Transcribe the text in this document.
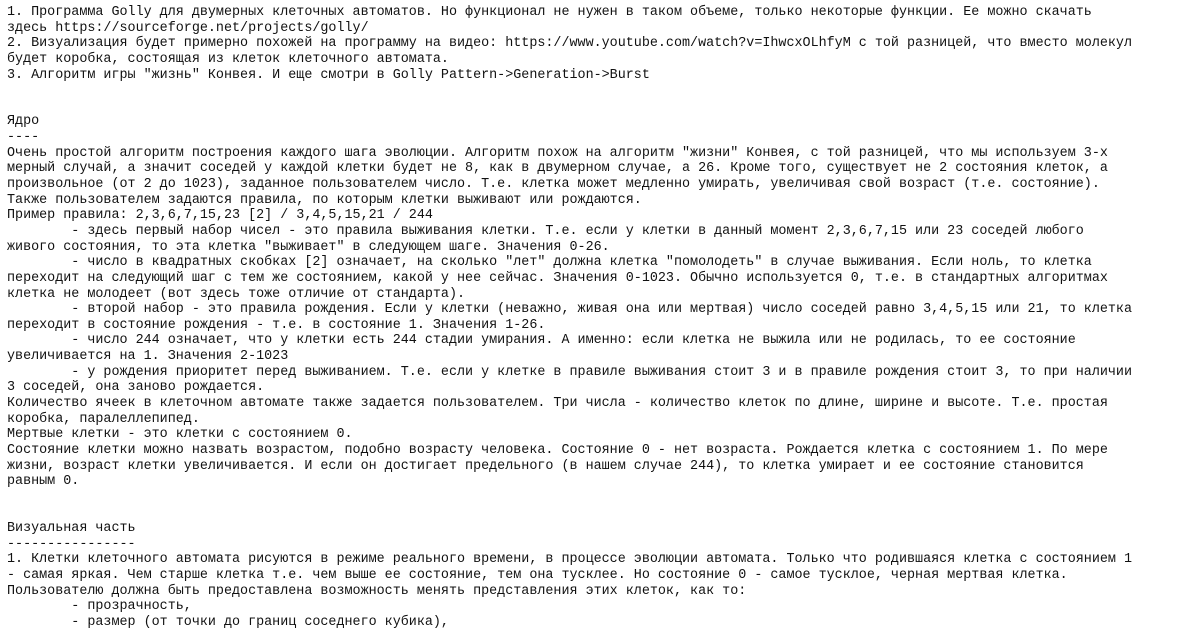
1. Программа Golly для двумерных клеточных автоматов. Но функционал не нужен в таком объеме, только некоторые функции. Ее можно скачать
здесь https://sourceforge.net/projects/golly/
2. Визуализация будет примерно похожей на программу на видео: https://www.youtube.com/watch?v=IhwcxOLhfyM с той разницей, что вместо молекул
будет коробка, состоящая из клеток клеточного автомата.
3. Алгоритм игры "жизнь" Конвея. И еще смотри в Golly Pattern->Generation->Burst
Ядро
----
Очень простой алгоритм построения каждого шага эволюции. Алгоритм похож на алгоритм "жизни" Конвея, с той разницей, что мы используем 3-х
мерный случай, а значит соседей у каждой клетки будет не 8, как в двумерном случае, а 26. Кроме того, существует не 2 состояния клеток, а
произвольное (от 2 до 1023), заданное пользователем число. Т.е. клетка может медленно умирать, увеличивая свой возраст (т.е. состояние).
Также пользователем задаются правила, по которым клетки выживают или рождаются.
Пример правила: 2,3,6,7,15,23 [2] / 3,4,5,15,21 / 244
- здесь первый набор чисел - это правила выживания клетки. Т.е. если у клетки в данный момент 2,3,6,7,15 или 23 соседей любого
живого состояния, то эта клетка "выживает" в следующем шаге. Значения 0-26.
- число в квадратных скобках [2] означает, на сколько "лет" должна клетка "помолодеть" в случае выживания. Если ноль, то клетка
переходит на следующий шаг с тем же состоянием, какой у нее сейчас. Значения 0-1023. Обычно используется 0, т.е. в стандартных алгоритмах
клетка не молодеет (вот здесь тоже отличие от стандарта).
- второй набор - это правила рождения. Если у клетки (неважно, живая она или мертвая) число соседей равно 3,4,5,15 или 21, то клетка
переходит в состояние рождения - т.е. в состояние 1. Значения 1-26.
- число 244 означает, что у клетки есть 244 стадии умирания. А именно: если клетка не выжила или не родилась, то ее состояние
увеличивается на 1. Значения 2-1023
- у рождения приоритет перед выживанием. Т.е. если у клетке в правиле выживания стоит 3 и в правиле рождения стоит 3, то при наличии
3 соседей, она заново рождается.
Количество ячеек в клеточном автомате также задается пользователем. Три числа - количество клеток по длине, ширине и высоте. Т.е. простая
коробка, паралеллепипед.
Мертвые клетки - это клетки с состоянием 0.
Состояние клетки можно назвать возрастом, подобно возрасту человека. Состояние 0 - нет возраста. Рождается клетка с состоянием 1. По мере
жизни, возраст клетки увеличивается. И если он достигает предельного (в нашем случае 244), то клетка умирает и ее состояние становится
равным 0.
Визуальная часть
----------------
1. Клетки клеточного автомата рисуются в режиме реального времени, в процессе эволюции автомата. Только что родившаяся клетка с состоянием 1
- самая яркая. Чем старше клетка т.е. чем выше ее состояние, тем она тусклее. Но состояние 0 - самое тусклое, черная мертвая клетка.
Пользователю должна быть предоставлена возможность менять представления этих клеток, как то:
- прозрачность,
- размер (от точки до границ соседнего кубика),
